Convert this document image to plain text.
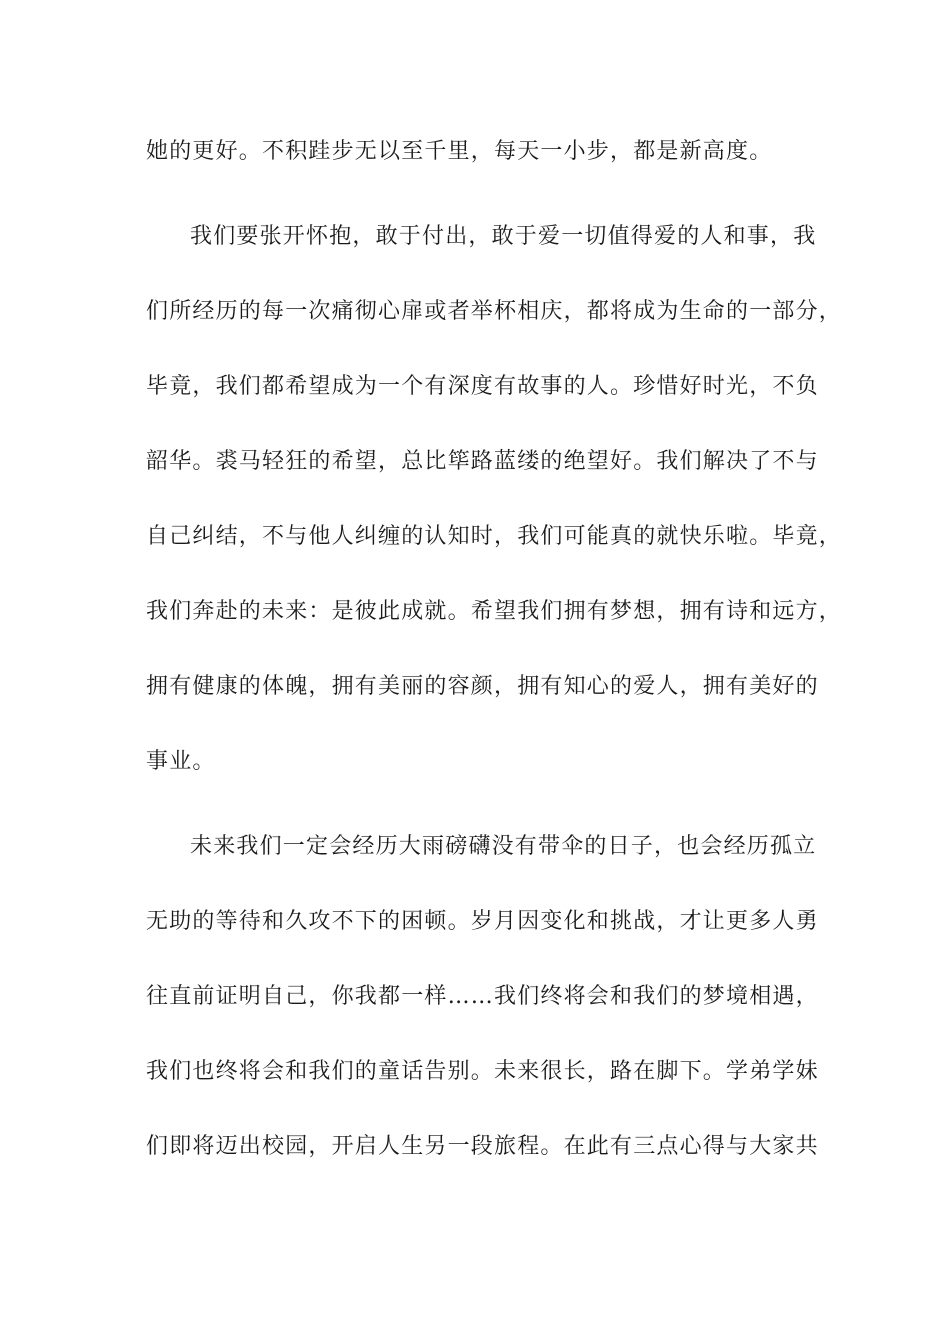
她的更好。不积跬步无以至千里，每天一小步，都是新高度。
我们要张开怀抱，敢于付出，敢于爱一切值得爱的人和事，我
们所经历的每一次痛彻心扉或者举杯相庆，都将成为生命的一部分，
毕竟，我们都希望成为一个有深度有故事的人。珍惜好时光，不负
韶华。裘马轻狂的希望，总比筚路蓝缕的绝望好。我们解决了不与
自己纠结，不与他人纠缠的认知时，我们可能真的就快乐啦。毕竟，
我们奔赴的未来：是彼此成就。希望我们拥有梦想，拥有诗和远方，
拥有健康的体魄，拥有美丽的容颜，拥有知心的爱人，拥有美好的
事业。
未来我们一定会经历大雨磅礴没有带伞的日子，也会经历孤立
无助的等待和久攻不下的困顿。岁月因变化和挑战，才让更多人勇
往直前证明自己，你我都一样……我们终将会和我们的梦境相遇，
我们也终将会和我们的童话告别。未来很长，路在脚下。学弟学妹
们即将迈出校园，开启人生另一段旅程。在此有三点心得与大家共
